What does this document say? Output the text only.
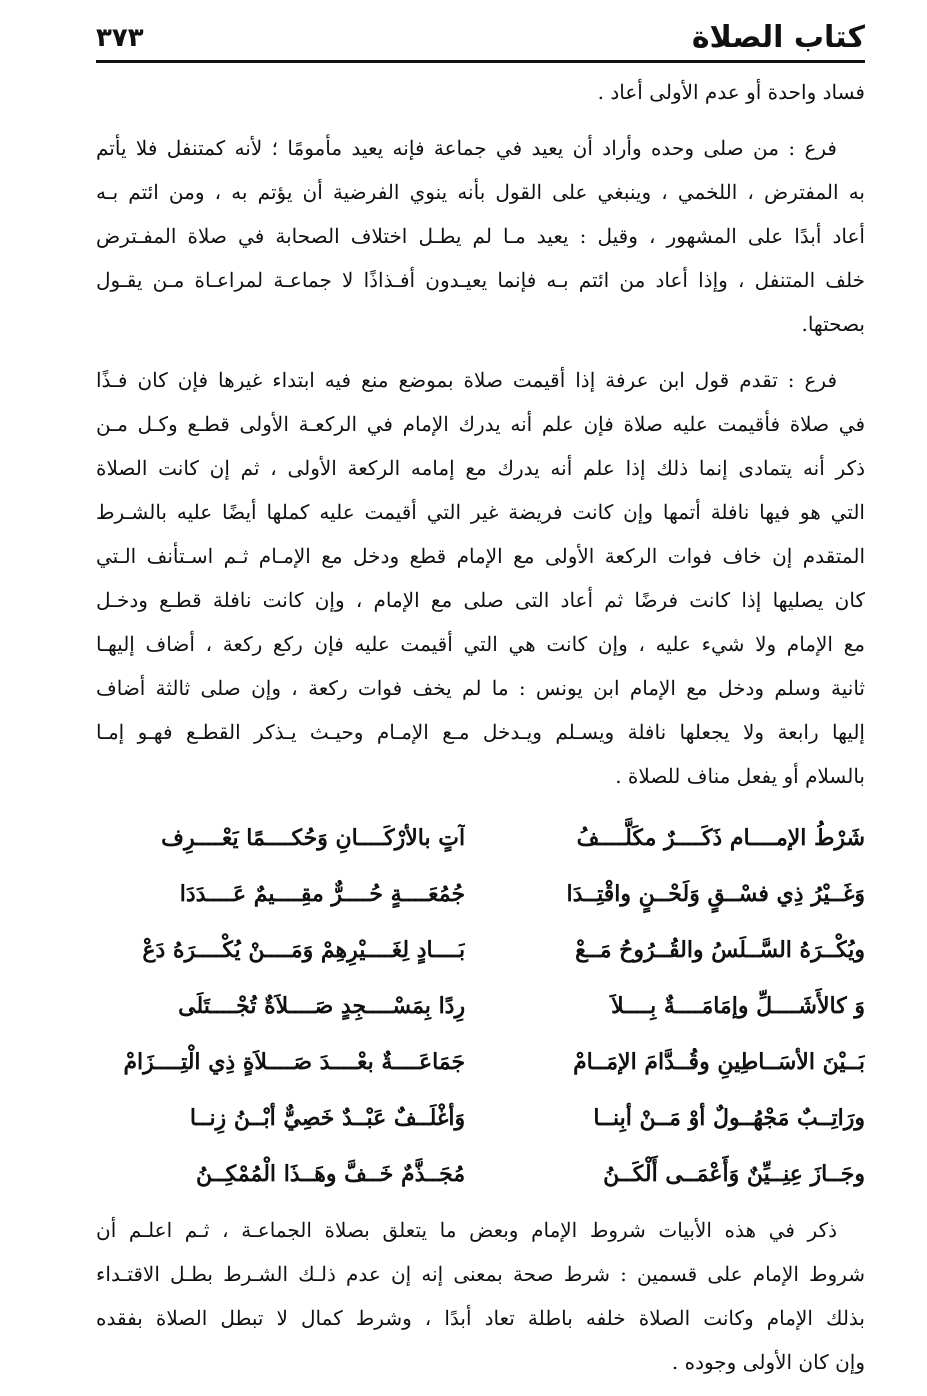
كتاب الصلاة
٣٧٣
فساد واحدة أو عدم الأولى أعاد .
فرع : من صلى وحده وأراد أن يعيد في جماعة فإنه يعيد مأمومًا ؛ لأنه كمتنفل فلا يأتم
به المفترض ، اللخمي ، وينبغي على القول بأنه ينوي الفرضية أن يؤتم به ، ومن ائتم بـه
أعاد أبدًا على المشهور ، وقيل : يعيد مـا لم يطـل اختلاف الصحابة في صلاة المفـترض
خلف المتنفل ، وإذا أعاد من ائتم بـه فإنما يعيـدون أفـذاذًا لا جماعـة لمراعـاة مـن يقـول
بصحتها.
فرع : تقدم قول ابن عرفة إذا أقيمت صلاة بموضع منع فيه ابتداء غيرها فإن كان فـذًا
في صلاة فأقيمت عليه صلاة فإن علم أنه يدرك الإمام في الركعـة الأولى قطـع وكـل مـن
ذكر أنه يتمادى إنما ذلك إذا علم أنه يدرك مع إمامه الركعة الأولى ، ثم إن كانت الصلاة
التي هو فيها نافلة أتمها وإن كانت فريضة غير التي أقيمت عليه كملها أيضًا عليه بالشـرط
المتقدم إن خاف فوات الركعة الأولى مع الإمام قطع ودخل مع الإمـام ثـم اسـتأنف الـتي
كان يصليها إذا كانت فرضًا ثم أعاد التى صلى مع الإمام ، وإن كانت نافلة قطـع ودخـل
مع الإمام ولا شيء عليه ، وإن كانت هي التي أقيمت عليه فإن ركع ركعة ، أضاف إليهـا
ثانية وسلم ودخل مع الإمام ابن يونس : ما لم يخف فوات ركعة ، وإن صلى ثالثة أضاف
إليها رابعة ولا يجعلها نافلة ويسـلم ويـدخل مـع الإمـام وحيـث يـذكر القطـع فهـو إمـا
بالسلام أو يفعل مناف للصلاة .
شَرْطُ الإمــــام ذَكَــــرٌ مكَلَّــــفُ
آتٍ بالأرْكَــــانِ وَحُكــــمًا يَعْــــرِف
وَغَــيْرُ ذِي فسْــقٍ وَلَحْــنٍ واقْتِــدَا
جُمُعَــــةٍ حُــــرٌّ مقِــــيمٌ عَــــدَدَا
ويُكْــرَهُ السَّــلَسُ والقُــرُوحُ مَــعْ
بَــــادٍ لِغَــــيْرِهِمْ وَمَــــنْ يُكْــــرَهُ دَعْ
وَ كالأَشَــــلِّ وإمَامَــــةٌ بِــــلاَ
رِدًا بِمَسْــــجِدٍ صَــــلاَةٌ تُجْــــتَلَى
بَــيْنَ الأسَــاطِينِ وقُــدَّامَ الإمَــامْ
جَمَاعَــــةٌ بعْــــدَ صَــــلاَةٍ ذِي الْتِــــزَامْ
ورَاتِــبٌ مَجْهُــولٌ أوْ مَــنْ أبِنــا
وَأغْلَــفٌ عَبْــدٌ خَصِيٌّ أبْــنُ زِنــا
وجَــازَ عِنِــيِّنٌ وَأَعْمَــى أَلْكَــنُ
مُجَــذَّمٌ خَــفَّ وهَــذَا الْمُمْكِــنُ
ذكر في هذه الأبيات شروط الإمام وبعض ما يتعلق بصلاة الجماعـة ، ثـم اعلـم أن
شروط الإمام على قسمين : شرط صحة بمعنى إنه إن عدم ذلـك الشـرط بطـل الاقتـداء
بذلك الإمام وكانت الصلاة خلفه باطلة تعاد أبدًا ، وشرط كمال لا تبطل الصلاة بفقده
وإن كان الأولى وجوده .
